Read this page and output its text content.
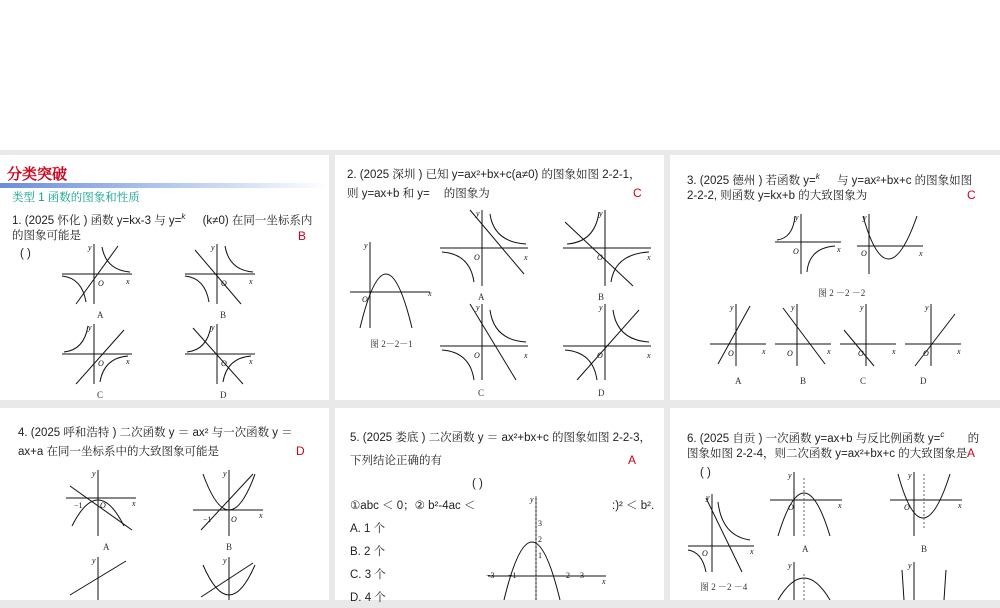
分类突破
类型 1 函数的图象和性质
1. (2025 怀化 ) 函数 y=kx-3 与 y=$^k$ (k≠0) 在同一坐标系内
的图象可能是
( )
B
x
y
O
A
x
y
O
B
x
y
O
C
x
y
O
D
2. (2025 深圳 ) 已知 y=ax²+bx+c(a≠0) 的图象如图 2-2-1，
则 y=ax+b 和 y= 的图象为	C
x
y
O
图 2－2－1
x
y
O
A
x
y
O
B
x
y
O
C
x
y
O
D
3. (2025 德州 ) 若函数 y=$^k$ 与 y=ax²+bx+c 的图象如图
2-2-2, 则函数 y=kx+b 的大致图象为	C
x
y
O	x
y
O
图 2 －2 －2
x
y
O
A
x
y
O
B
x
y
O
C
x
y
O
D
4. (2025 呼和浩特 ) 二次函数 y ＝ ax² 与一次函数 y ＝
ax+a 在同一坐标系中的大致图象可能是	D
x
y
−1 O
A
x
y
−1 O
B
y	y
5. (2025 娄底 ) 二次函数 y ＝ ax²+bx+c 的图象如图 2-2-3，
下列结论正确的有	A
( )
①abc ＜ 0；② b²-4ac ＜	:)² ＜ b².
A. 1 个
B. 2 个
C. 3 个
D. 4 个
x
y
−3 −1	2 3
3
2
1
6. (2025 自贡 ) 一次函数 y=ax+b 与反比例函数 y=$^c$ 的
图象如图 2-2-4，则二次函数 y=ax²+bx+c 的大致图象是
( )
A
x
y
O
图 2 －2 －4
x
y
O
A
x
y
O
B
y	y
